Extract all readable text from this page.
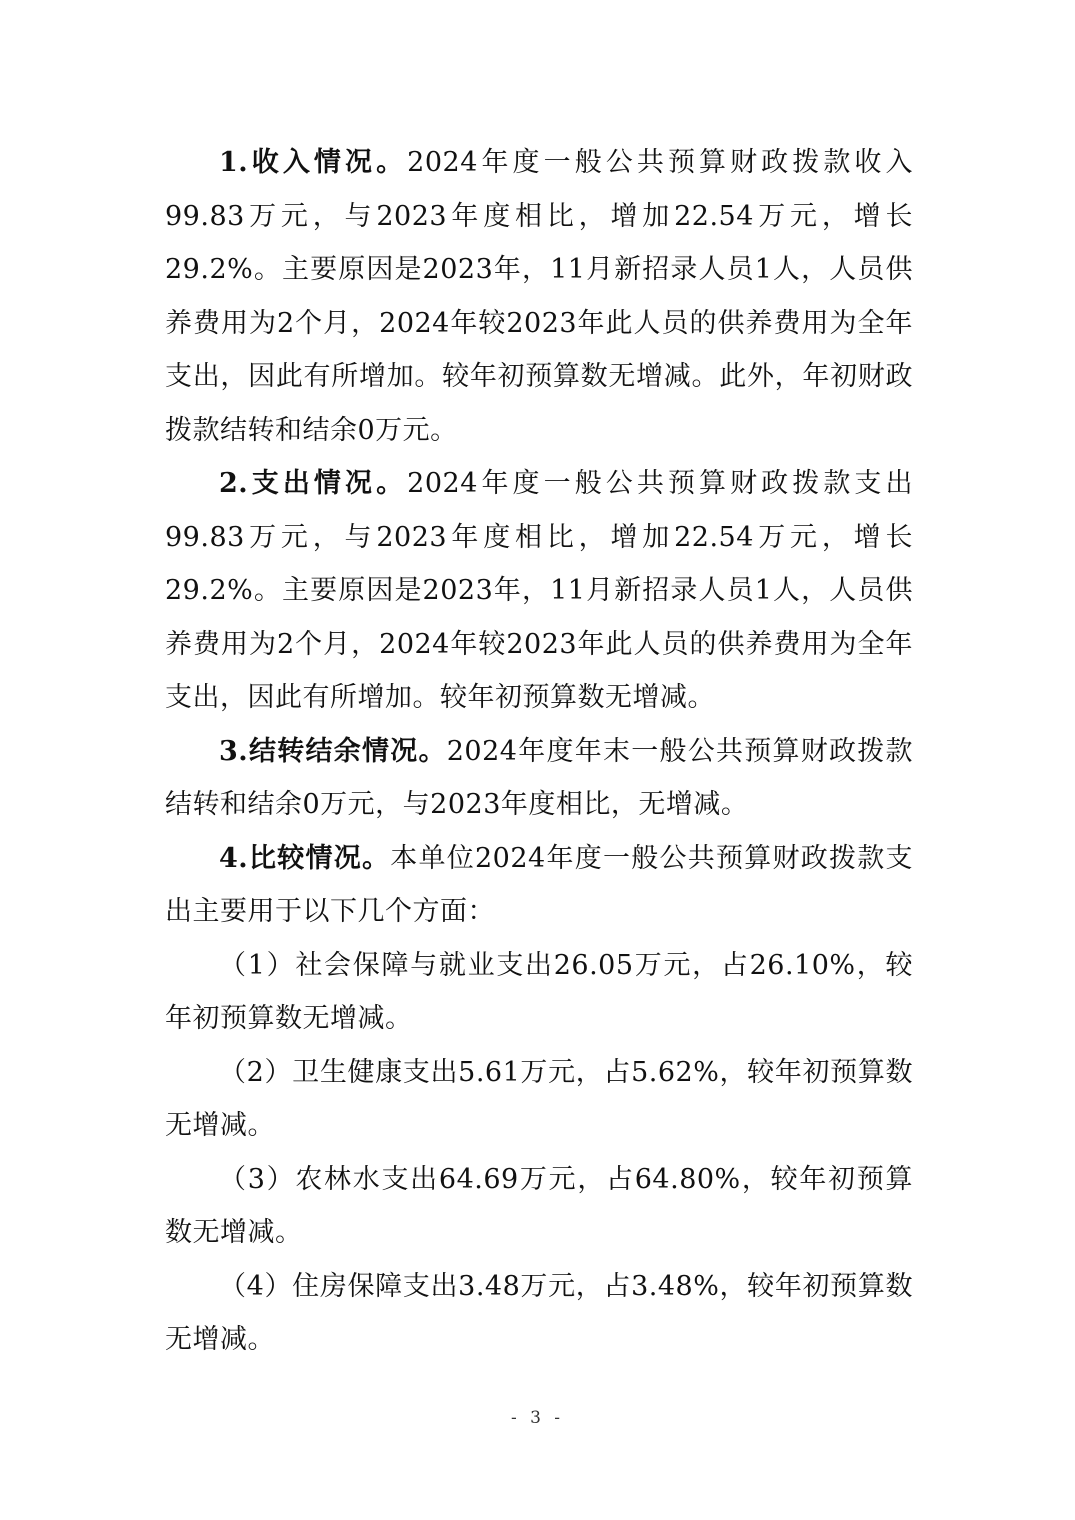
1.收入情况。2024年度一般公共预算财政拨款收入99.83万元，与2023年度相比，增加22.54万元，增长29.2%。主要原因是2023年，11月新招录人员1人，人员供养费用为2个月，2024年较2023年此人员的供养费用为全年支出，因此有所增加。较年初预算数无增减。此外，年初财政拨款结转和结余0万元。

2.支出情况。2024年度一般公共预算财政拨款支出99.83万元，与2023年度相比，增加22.54万元，增长29.2%。主要原因是2023年，11月新招录人员1人，人员供养费用为2个月，2024年较2023年此人员的供养费用为全年支出，因此有所增加。较年初预算数无增减。

3.结转结余情况。2024年度年末一般公共预算财政拨款结转和结余0万元，与2023年度相比，无增减。

4.比较情况。本单位2024年度一般公共预算财政拨款支出主要用于以下几个方面：

（1）社会保障与就业支出26.05万元，占26.10%，较年初预算数无增减。

（2）卫生健康支出5.61万元，占5.62%，较年初预算数无增减。

（3）农林水支出64.69万元，占64.80%，较年初预算数无增减。

（4）住房保障支出3.48万元，占3.48%，较年初预算数无增减。

- 3 -
